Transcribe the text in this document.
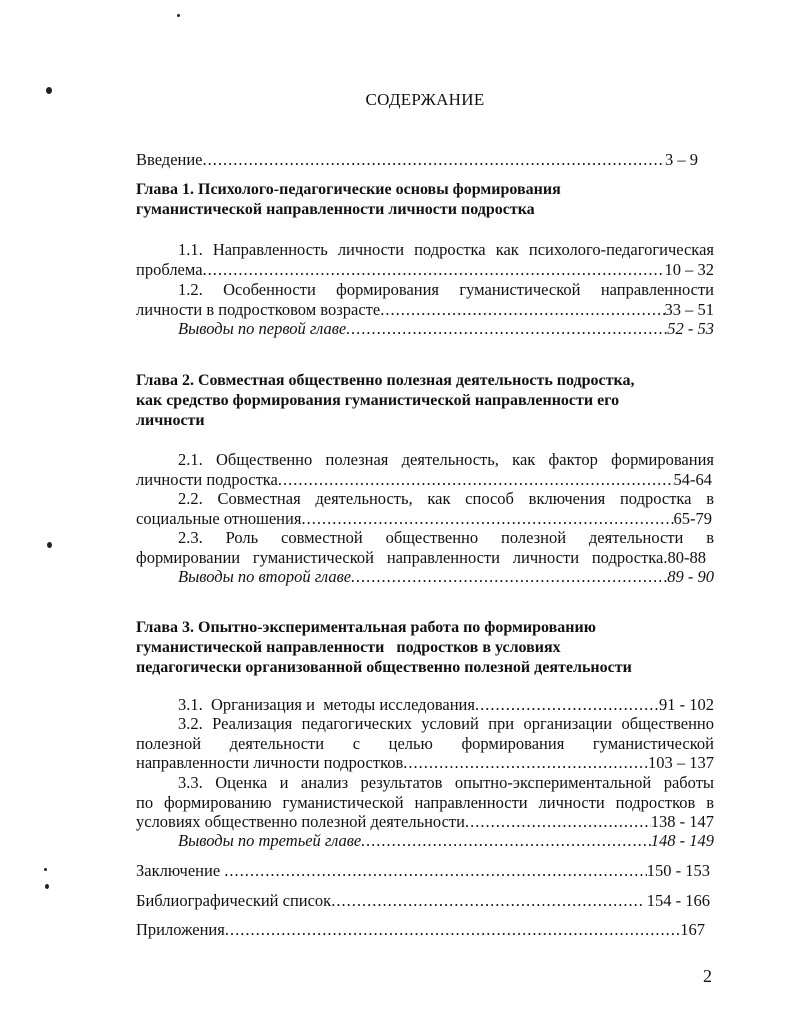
СОДЕРЖАНИЕ
Введение .....	3 – 9
Глава 1. Психолого-педагогические основы формирования
гуманистической направленности личности подростка
1.1. Направленность личности подростка как психолого-педагогическая
проблема .....	10 – 32
1.2. Особенности формирования гуманистической направленности
личности в подростковом возрасте .....	33 – 51
Выводы по первой главе .....	52 - 53
Глава 2. Совместная общественно полезная деятельность подростка,
как средство формирования гуманистической направленности его
личности
2.1. Общественно полезная деятельность, как фактор формирования
личности подростка .....	54-64
2.2. Совместная деятельность, как способ включения подростка в
социальные отношения .....	65-79
2.3. Роль совместной общественно полезной деятельности в
формировании гуманистической направленности личности подростка.80-88
Выводы по второй главе .....	89 - 90
Глава 3. Опытно-экспериментальная работа по формированию
гуманистической направленности   подростков в условиях
педагогически организованной общественно полезной деятельности
3.1.  Организация и  методы исследования .....	91 - 102
3.2. Реализация педагогических условий при организации общественно
полезной деятельности с целью формирования гуманистической
направленности личности подростков .....	103 – 137
3.3. Оценка и анализ результатов опытно-экспериментальной работы
по формированию гуманистической направленности личности подростков в
условиях общественно полезной деятельности .....	138 - 147
Выводы по третьей главе .....	148 - 149
Заключение .....	150 - 153
Библиографический список .....	154 - 166
Приложения .....	167
2
